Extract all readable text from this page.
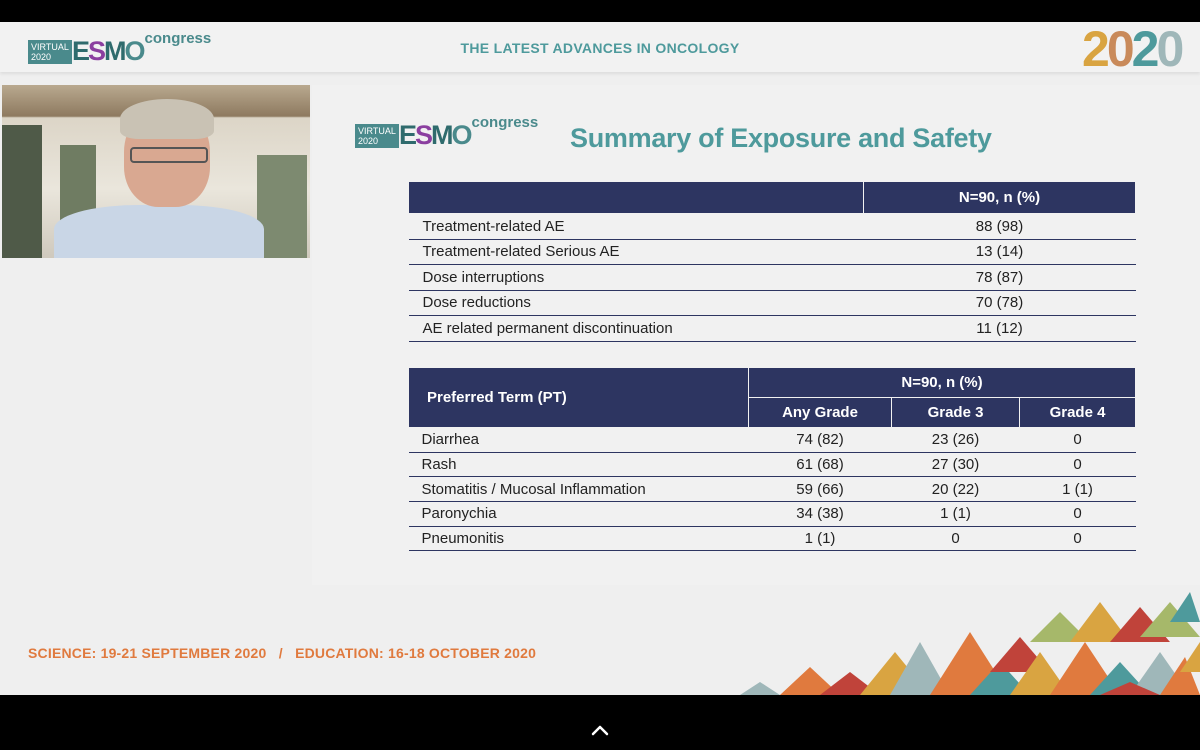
VIRTUAL
2020 ESMO congress
THE LATEST ADVANCES IN ONCOLOGY	2020
VIRTUAL
2020 ESMO congress
Summary of Exposure and Safety
	N=90, n (%)
Treatment-related AE	88 (98)
Treatment-related Serious AE	13 (14)
Dose interruptions	78 (87)
Dose reductions	70 (78)
AE related permanent discontinuation	11 (12)
Preferred Term (PT)	N=90, n (%)		
	Any Grade	Grade 3	Grade 4
Diarrhea	74 (82)	23 (26)	0
Rash	61 (68)	27 (30)	0
Stomatitis / Mucosal Inflammation	59 (66)	20 (22)	1 (1)
Paronychia	34 (38)	1 (1)	0
Pneumonitis	1 (1)	0	0
SCIENCE: 19-21 SEPTEMBER 2020   /   EDUCATION: 16-18 OCTOBER 2020
